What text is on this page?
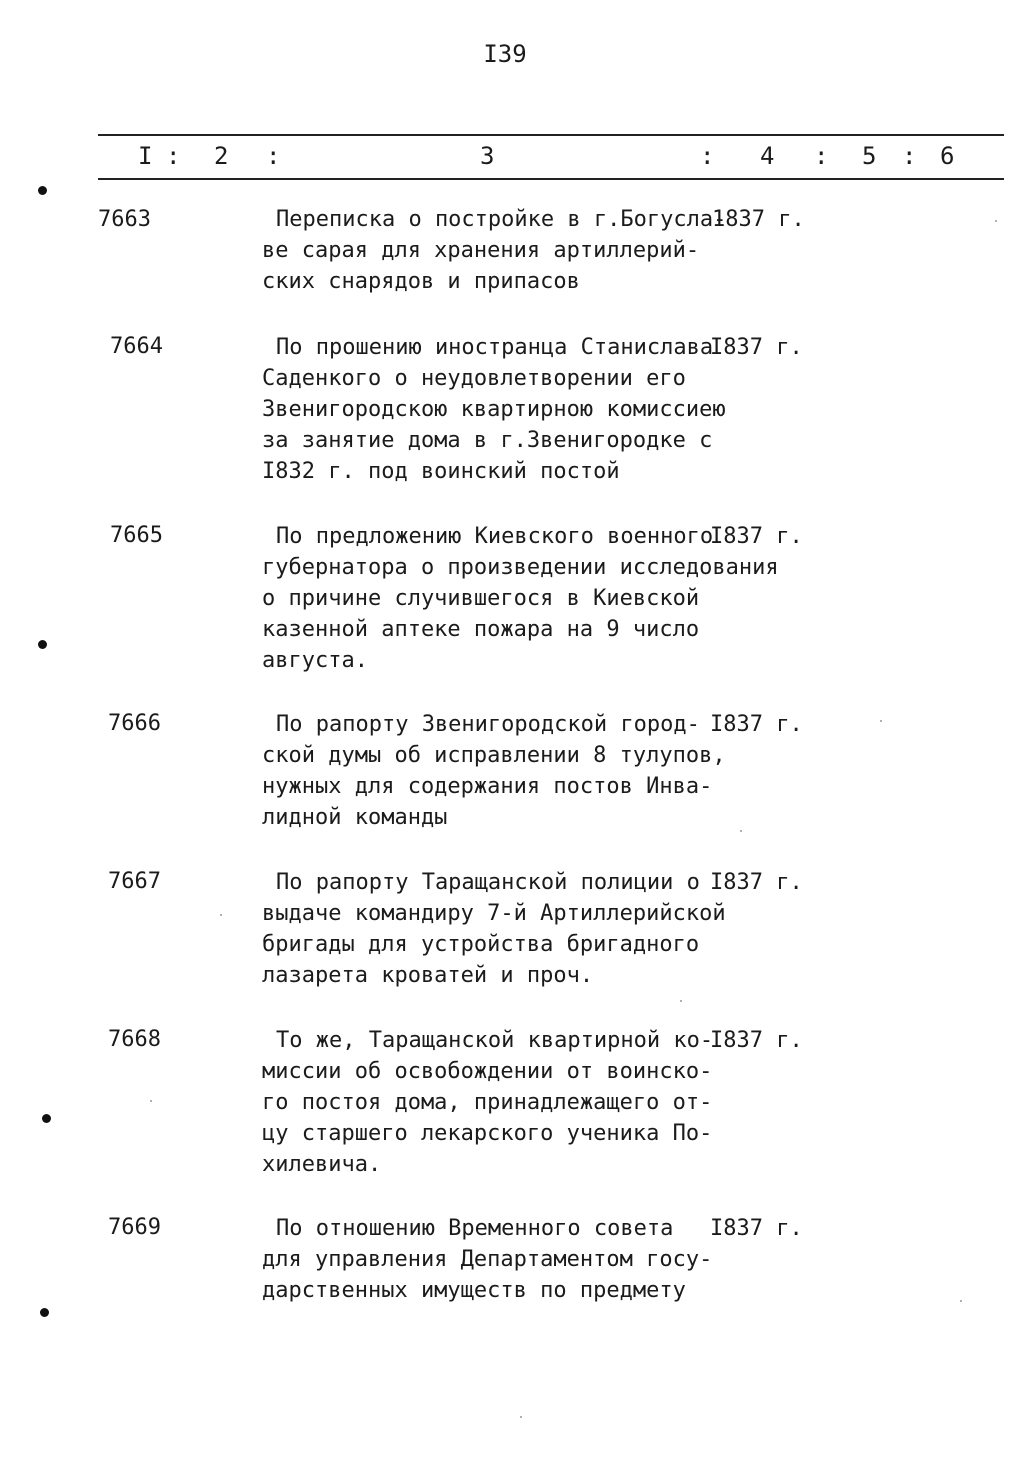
I39
I : 2 :	3	: 4 : 5 : 6
7663	Переписка о постройке в г.Богусла-
ве сарая для хранения артиллерий-
ских снарядов и припасов
1837 г.
7664	По прошению иностранца Станислава
Саденкого о неудовлетворении его
Звенигородскою квартирною комиссиею
за занятие дома в г.Звенигородке с
I832 г. под воинский постой
I837 г.
7665	По предложению Киевского военного
губернатора о произведении исследования
о причине случившегося в Киевской
казенной аптеке пожара на 9 число
августа.
I837 г.
7666	По рапорту Звенигородской город-
ской думы об исправлении 8 тулупов,
нужных для содержания постов Инва-
лидной команды
I837 г.
7667	По рапорту Таращанской полиции о
выдаче командиру 7-й Артиллерийской
бригады для устройства бригадного
лазарета кроватей и проч.
I837 г.
7668	То же, Таращанской квартирной ко-
миссии об освобождении от воинско-
го постоя дома, принадлежащего от-
цу старшего лекарского ученика По-
хилевича.
I837 г.
7669	По отношению Временного совета
для управления Департаментом госу-
дарственных имуществ по предмету
I837 г.
